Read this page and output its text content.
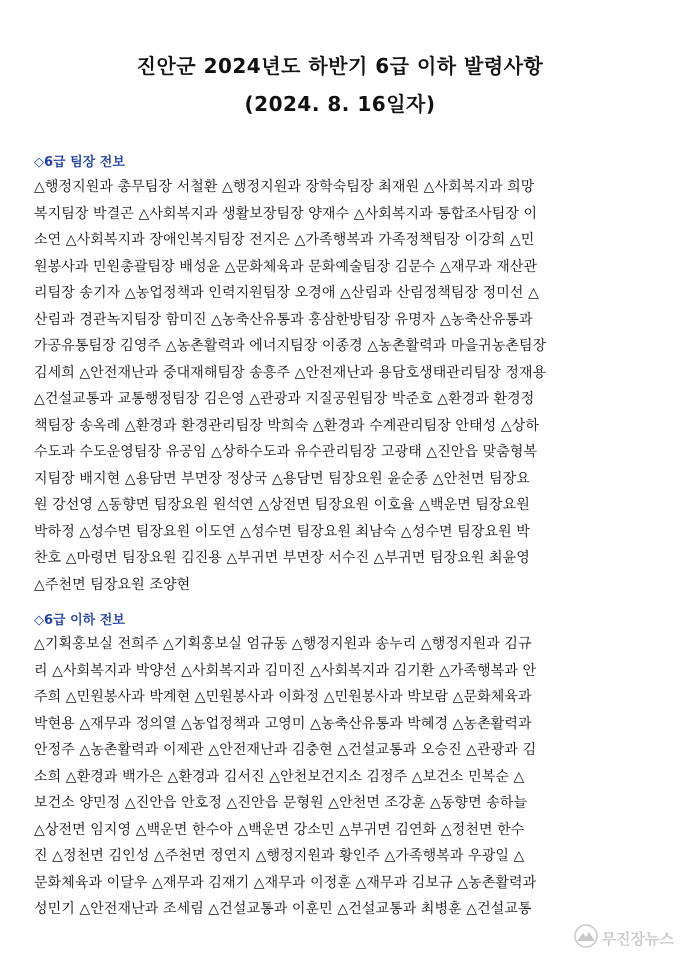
진안군 2024년도 하반기 6급 이하 발령사항
(2024. 8. 16일자)
◇6급 팀장 전보
△행정지원과 총무팀장 서철환 △행정지원과 장학숙팀장 최재원 △사회복지과 희망
복지팀장 박결곤 △사회복지과 생활보장팀장 양재수 △사회복지과 통합조사팀장 이
소연 △사회복지과 장애인복지팀장 전지은 △가족행복과 가족정책팀장 이강희 △민
원봉사과 민원총괄팀장 배성윤 △문화체육과 문화예술팀장 김문수 △재무과 재산관
리팀장 송기자 △농업정책과 인력지원팀장 오경애 △산림과 산림정책팀장 정미선 △
산림과 경관녹지팀장 함미진 △농축산유통과 홍삼한방팀장 유명자 △농축산유통과
가공유통팀장 김영주 △농촌활력과 에너지팀장 이종경 △농촌활력과 마을귀농촌팀장
김세희 △안전재난과 중대재해팀장 송흥주 △안전재난과 용담호생태관리팀장 정재용
△건설교통과 교통행정팀장 김은영 △관광과 지질공원팀장 박준호 △환경과 환경정
책팀장 송옥례 △환경과 환경관리팀장 박희숙 △환경과 수계관리팀장 안태성 △상하
수도과 수도운영팀장 유공임 △상하수도과 유수관리팀장 고광태 △진안읍 맞춤형복
지팀장 배지현 △용담면 부면장 정상국 △용담면 팀장요원 윤순종 △안천면 팀장요
원 강선영 △동향면 팀장요원 원석연 △상전면 팀장요원 이호율 △백운면 팀장요원
박하정 △성수면 팀장요원 이도연 △성수면 팀장요원 최남숙 △성수면 팀장요원 박
찬호 △마령면 팀장요원 김진용 △부귀면 부면장 서수진 △부귀면 팀장요원 최윤영
△주천면 팀장요원 조양현
◇6급 이하 전보
△기획홍보실 전희주 △기획홍보실 엄규동 △행정지원과 송누리 △행정지원과 김규
리 △사회복지과 박양선 △사회복지과 김미진 △사회복지과 김기환 △가족행복과 안
주희 △민원봉사과 박계현 △민원봉사과 이화정 △민원봉사과 박보람 △문화체육과
박현용 △재무과 정의열 △농업정책과 고영미 △농축산유통과 박혜경 △농촌활력과
안정주 △농촌활력과 이제관 △안전재난과 김충현 △건설교통과 오승진 △관광과 김
소희 △환경과 백가은 △환경과 김서진 △안천보건지소 김정주 △보건소 민복순 △
보건소 양민정 △진안읍 안호정 △진안읍 문형원 △안천면 조강훈 △동향면 송하늘
△상전면 임지영 △백운면 한수아 △백운면 강소민 △부귀면 김연화 △정천면 한수
진 △정천면 김인성 △주천면 정연지 △행정지원과 황인주 △가족행복과 우광일 △
문화체육과 이달우 △재무과 김재기 △재무과 이정훈 △재무과 김보규 △농촌활력과
성민기 △안전재난과 조세림 △건설교통과 이훈민 △건설교통과 최병훈 △건설교통
무진장뉴스
